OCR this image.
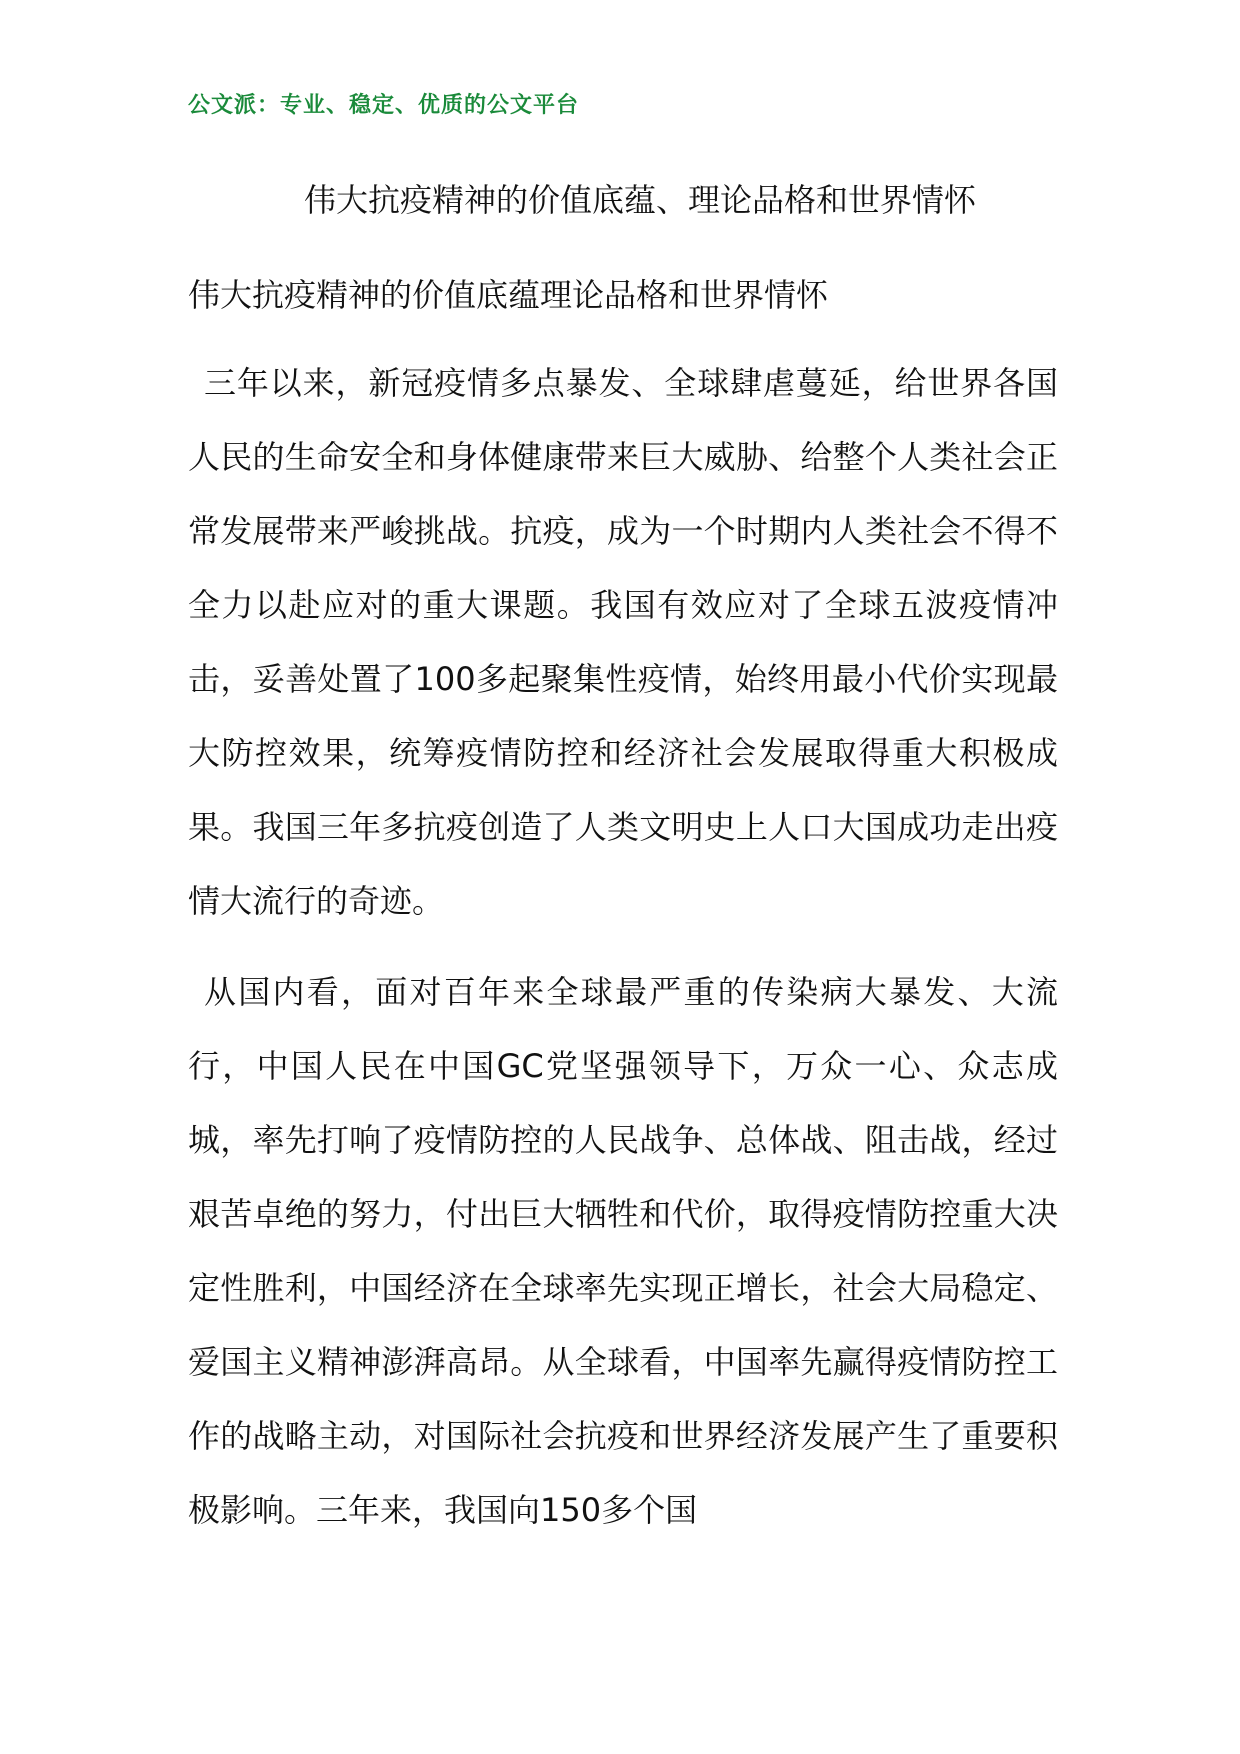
公文派：专业、稳定、优质的公文平台
伟大抗疫精神的价值底蕴、理论品格和世界情怀
伟大抗疫精神的价值底蕴理论品格和世界情怀

三年以来，新冠疫情多点暴发、全球肆虐蔓延，给世界各国人民的生命安全和身体健康带来巨大威胁、给整个人类社会正常发展带来严峻挑战。抗疫，成为一个时期内人类社会不得不全力以赴应对的重大课题。我国有效应对了全球五波疫情冲击，妥善处置了100多起聚集性疫情，始终用最小代价实现最大防控效果，统筹疫情防控和经济社会发展取得重大积极成果。我国三年多抗疫创造了人类文明史上人口大国成功走出疫情大流行的奇迹。

从国内看，面对百年来全球最严重的传染病大暴发、大流行，中国人民在中国GC党坚强领导下，万众一心、众志成城，率先打响了疫情防控的人民战争、总体战、阻击战，经过艰苦卓绝的努力，付出巨大牺牲和代价，取得疫情防控重大决定性胜利，中国经济在全球率先实现正增长，社会大局稳定、爱国主义精神澎湃高昂。从全球看，中国率先赢得疫情防控工作的战略主动，对国际社会抗疫和世界经济发展产生了重要积极影响。三年来，我国向150多个国
